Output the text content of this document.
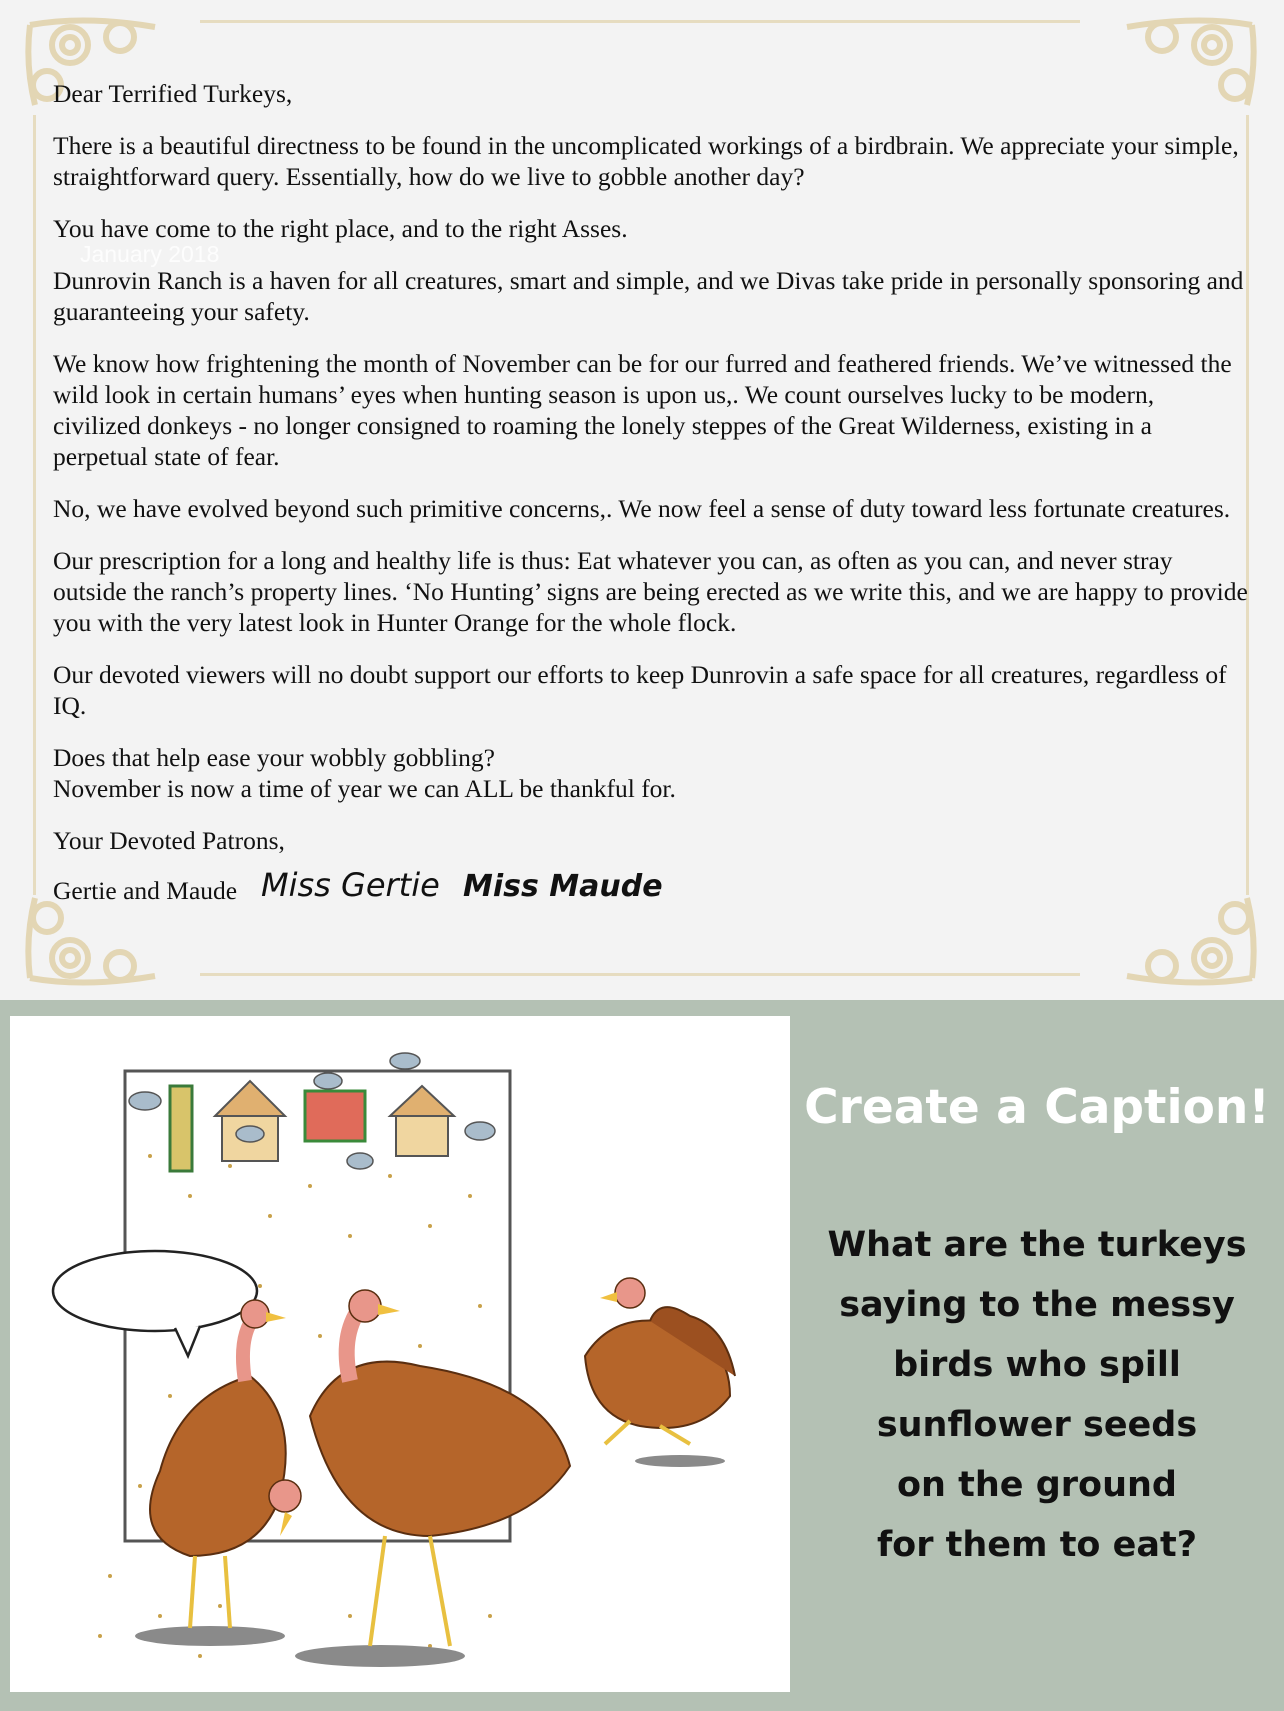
January 2018

Dear Terrified Turkeys,

There is a beautiful directness to be found in the uncomplicated workings of a birdbrain. We appreciate your simple, straightforward query. Essentially, how do we live to gobble another day?

You have come to the right place, and to the right Asses.

Dunrovin Ranch is a haven for all creatures, smart and simple, and we Divas take pride in personally sponsoring and guaranteeing your safety.

We know how frightening the month of November can be for our furred and feathered friends. We’ve witnessed the wild look in certain humans’ eyes when hunting season is upon us,. We count ourselves lucky to be modern, civilized donkeys - no longer consigned to roaming the lonely steppes of the Great Wilderness, existing in a perpetual state of fear.

No, we have evolved beyond such primitive concerns,. We now feel a sense of duty toward less fortunate creatures.

Our prescription for a long and healthy life is thus: Eat whatever you can, as often as you can, and never stray outside the ranch’s property lines. ‘No Hunting’ signs are being erected as we write this, and we are happy to provide you with the very latest look in Hunter Orange for the whole flock.

Our devoted viewers will no doubt support our efforts to keep Dunrovin a safe space for all creatures, regardless of IQ.

Does that help ease your wobbly gobbling?
November is now a time of year we can ALL be thankful for.

Your Devoted Patrons,

Gertie and Maude Miss Gertie Miss Maude
Create a Caption!
What are the turkeys
saying to the messy
birds who spill
sunflower seeds
on the ground
for them to eat?
